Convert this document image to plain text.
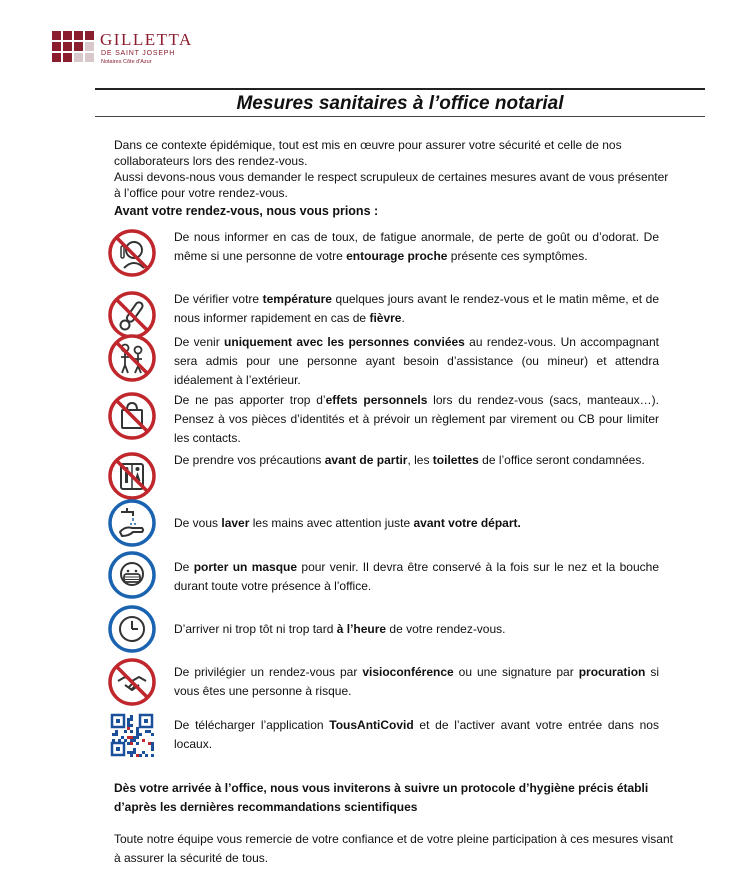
GILLETTA
DE SAINT JOSEPH
Notaires Côte d'Azur
Mesures sanitaires à l’office notarial
Dans ce contexte épidémique, tout est mis en œuvre pour assurer votre sécurité et celle de nos collaborateurs lors des rendez-vous.
Aussi devons-nous vous demander le respect scrupuleux de certaines mesures avant de vous présenter à l’office pour votre rendez-vous.

Avant votre rendez-vous, nous vous prions :

De nous informer en cas de toux, de fatigue anormale, de perte de goût ou d’odorat. De même si une personne de votre entourage proche présente ces symptômes.

De vérifier votre température quelques jours avant le rendez-vous et le matin même, et de nous informer rapidement en cas de fièvre.

De venir uniquement avec les personnes conviées au rendez-vous. Un accompagnant sera admis pour une personne ayant besoin d’assistance (ou mineur) et attendra idéalement à l’extérieur.

De ne pas apporter trop d’effets personnels lors du rendez-vous (sacs, manteaux…). Pensez à vos pièces d’identités et à prévoir un règlement par virement ou CB pour limiter les contacts.

De prendre vos précautions avant de partir, les toilettes de l’office seront condamnées.

De vous laver les mains avec attention juste avant votre départ.

De porter un masque pour venir. Il devra être conservé à la fois sur le nez et la bouche durant toute votre présence à l’office.

D’arriver ni trop tôt ni trop tard à l’heure de votre rendez-vous.

De privilégier un rendez-vous par visioconférence ou une signature par procuration si vous êtes une personne à risque.

De télécharger l’application TousAntiCovid et de l’activer avant votre entrée dans nos locaux.

Dès votre arrivée à l’office, nous vous inviterons à suivre un protocole d’hygiène précis établi d’après les dernières recommandations scientifiques

Toute notre équipe vous remercie de votre confiance et de votre pleine participation à ces mesures visant à assurer la sécurité de tous.
